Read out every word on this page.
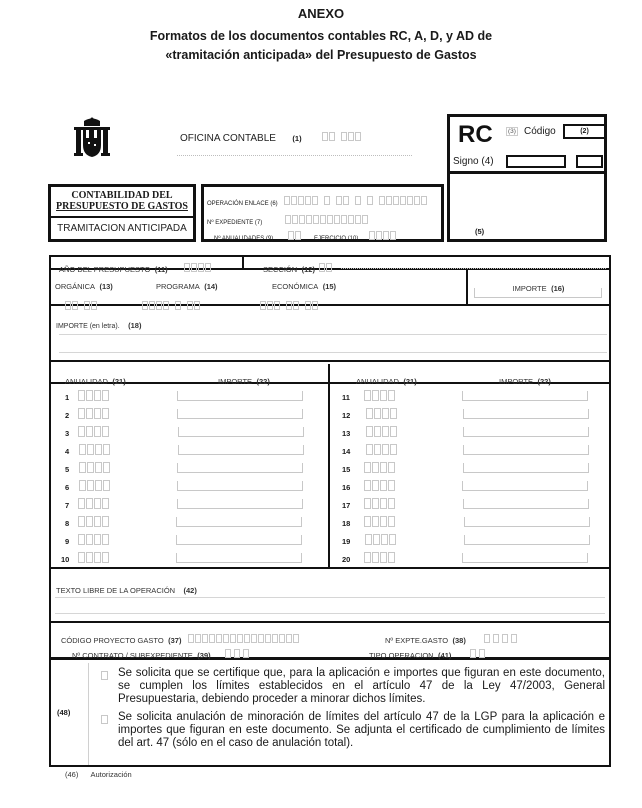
ANEXO
Formatos de los documentos contables RC, A, D, y AD de
«tramitación anticipada» del Presupuesto de Gastos
OFICINA CONTABLE (1)	RC	(3) Código	(2)
Signo (4)
(5)
CONTABILIDAD DEL
PRESUPUESTO DE GASTOS
TRAMITACION ANTICIPADA
OPERACIÓN ENLACE (6)
Nº EXPEDIENTE (7)
Nº ANUALIDADES (9)	EJERCICIO (10)
AÑO DEL PRESUPUESTO (11)	SECCIÓN (12)
ORGÁNICA (13)	PROGRAMA (14)	ECONÓMICA (15)	IMPORTE (16)
IMPORTE (en letra). (18)
ANUALIDAD (21)	IMPORTE (22)	ANUALIDAD (21)	IMPORTE (22)
1
2
3
4
5
6
7
8
9
10
11
12
13
14
15
16
17
18
19
20
TEXTO LIBRE DE LA OPERACIÓN (42)
CÓDIGO PROYECTO GASTO (37)	Nº EXPTE.GASTO (38)
Nº CONTRATO / SUBEXPEDIENTE (39)	TIPO OPERACION (41)
(48)
Se solicita que se certifique que, para la aplicación e importes que figuran en este documento, se cumplen los límites establecidos en el artículo 47 de la Ley 47/2003, General Presupuestaria, debiendo proceder a minorar dichos límites.
Se solicita anulación de minoración de límites del artículo 47 de la LGP para la aplicación e importes que figuran en este documento. Se adjunta el certificado de cumplimiento de límites del art. 47 (sólo en el caso de anulación total).
(46) Autorización
